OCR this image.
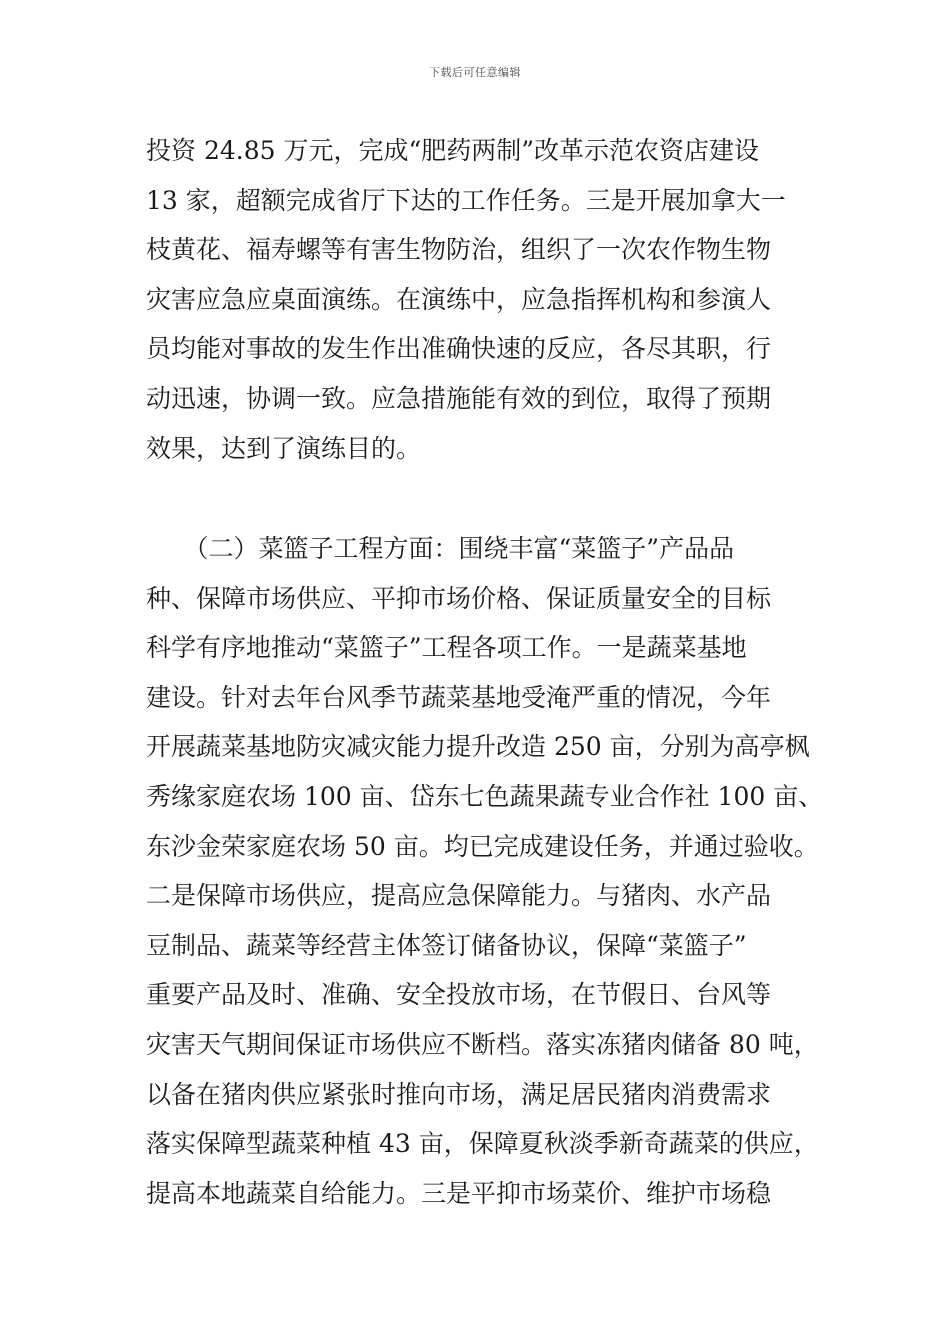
下载后可任意编辑
投资 24.85 万元，完成“肥药两制”改革示范农资店建设
13 家，超额完成省厅下达的工作任务。三是开展加拿大一
枝黄花、福寿螺等有害生物防治，组织了一次农作物生物
灾害应急应桌面演练。在演练中，应急指挥机构和参演人
员均能对事故的发生作出准确快速的反应，各尽其职，行
动迅速，协调一致。应急措施能有效的到位，取得了预期
效果，达到了演练目的。
　　（二）菜篮子工程方面：围绕丰富“菜篮子”产品品
种、保障市场供应、平抑市场价格、保证质量安全的目标
科学有序地推动“菜篮子”工程各项工作。一是蔬菜基地
建设。针对去年台风季节蔬菜基地受淹严重的情况，今年
开展蔬菜基地防灾减灾能力提升改造 250 亩，分别为高亭枫
秀缘家庭农场 100 亩、岱东七色蔬果蔬专业合作社 100 亩、
东沙金荣家庭农场 50 亩。均已完成建设任务，并通过验收。
二是保障市场供应，提高应急保障能力。与猪肉、水产品
豆制品、蔬菜等经营主体签订储备协议，保障“菜篮子”
重要产品及时、准确、安全投放市场，在节假日、台风等
灾害天气期间保证市场供应不断档。落实冻猪肉储备 80 吨，
以备在猪肉供应紧张时推向市场，满足居民猪肉消费需求
落实保障型蔬菜种植 43 亩，保障夏秋淡季新奇蔬菜的供应，
提高本地蔬菜自给能力。三是平抑市场菜价、维护市场稳
